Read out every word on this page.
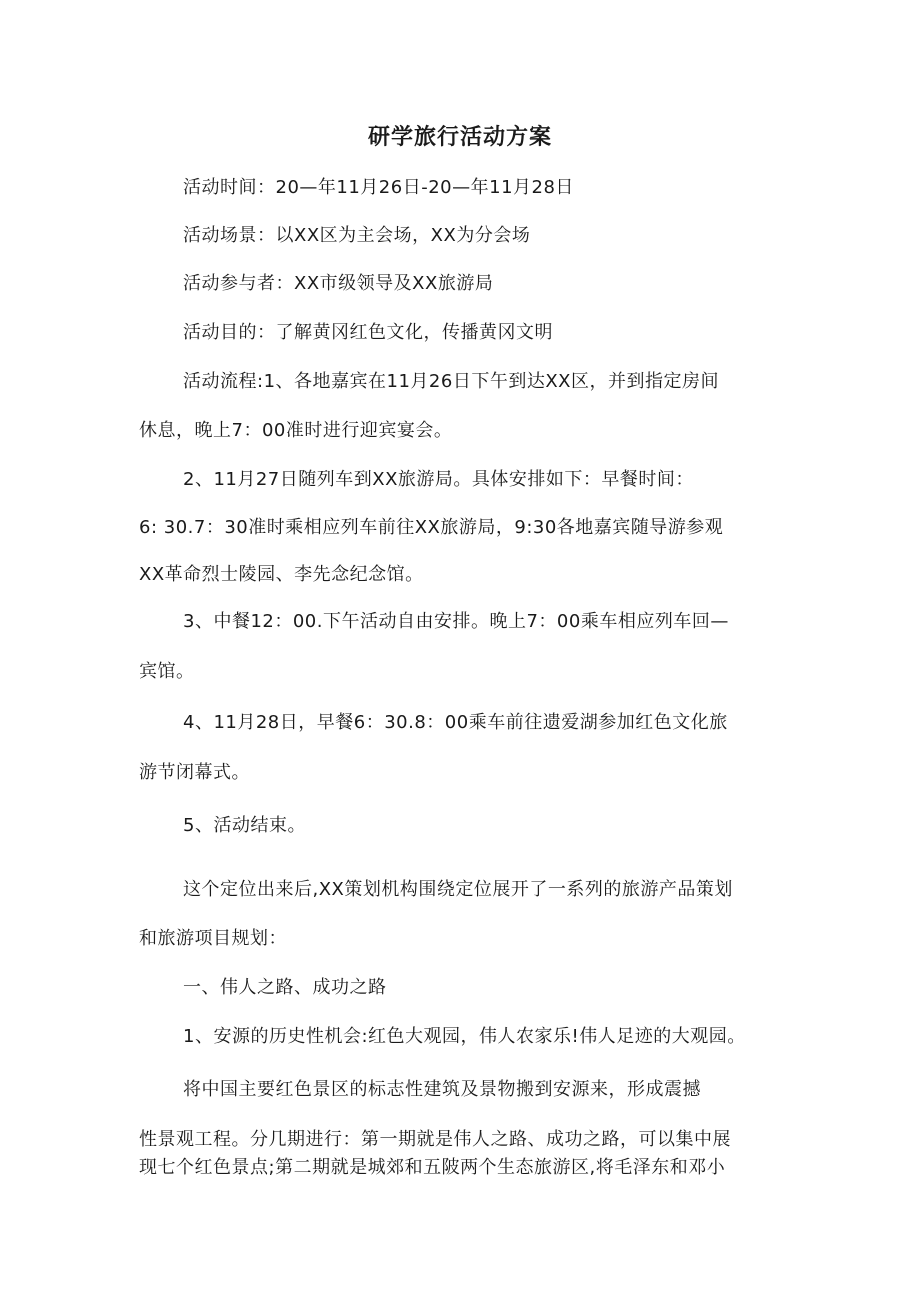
研学旅行活动方案
活动时间：20—年11月26日-20—年11月28日
活动场景：以XX区为主会场，XX为分会场
活动参与者：XX市级领导及XX旅游局
活动目的：了解黄冈红色文化，传播黄冈文明
活动流程:1、各地嘉宾在11月26日下午到达XX区，并到指定房间
休息，晚上7：00准时进行迎宾宴会。
2、11月27日随列车到XX旅游局。具体安排如下：早餐时间：
6: 30.7：30准时乘相应列车前往XX旅游局，9:30各地嘉宾随导游参观
XX革命烈士陵园、李先念纪念馆。
3、中餐12：00.下午活动自由安排。晚上7：00乘车相应列车回—
宾馆。
4、11月28日，早餐6：30.8：00乘车前往遗爱湖参加红色文化旅
游节闭幕式。
5、活动结束。
这个定位出来后,XX策划机构围绕定位展开了一系列的旅游产品策划
和旅游项目规划：
一、伟人之路、成功之路
1、安源的历史性机会:红色大观园，伟人农家乐!伟人足迹的大观园。
将中国主要红色景区的标志性建筑及景物搬到安源来，形成震撼
性景观工程。分几期进行：第一期就是伟人之路、成功之路，可以集中展
现七个红色景点;第二期就是城郊和五陂两个生态旅游区,将毛泽东和邓小
